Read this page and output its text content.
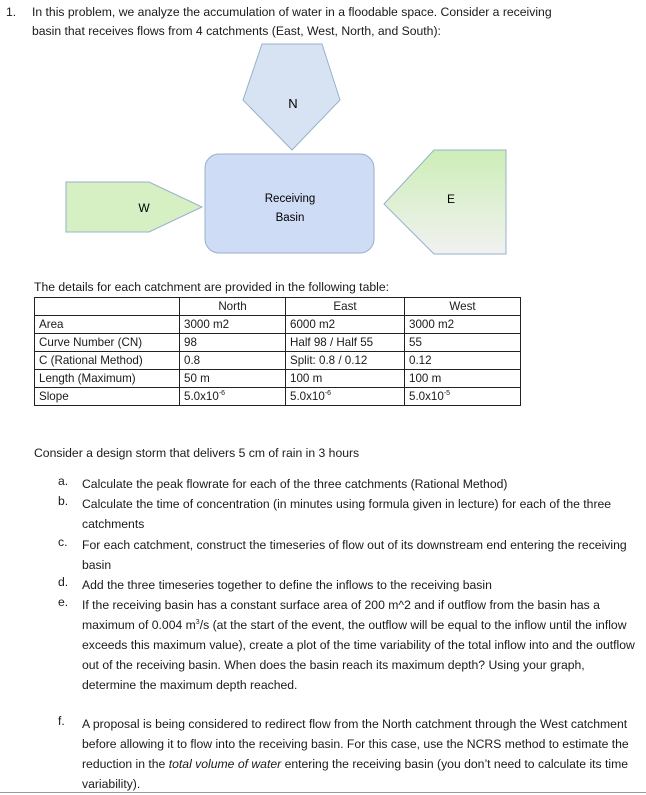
1. In this problem, we analyze the accumulation of water in a floodable space. Consider a receiving
basin that receives flows from 4 catchments (East, West, North, and South):
N
W
Receiving
Basin
E
The details for each catchment are provided in the following table:
	North	East	West
Area	3000 m2	6000 m2	3000 m2
Curve Number (CN)	98	Half 98 / Half 55	55
C (Rational Method)	0.8	Split: 0.8 / 0.12	0.12
Length (Maximum)	50 m	100 m	100 m
Slope	$5.0x10^{-6}$	$5.0x10^{-6}$	$5.0x10^{-5}$
Consider a design storm that delivers 5 cm of rain in 3 hours
a. Calculate the peak flowrate for each of the three catchments (Rational Method)
b. Calculate the time of concentration (in minutes using formula given in lecture) for each of the three catchments
c. For each catchment, construct the timeseries of flow out of its downstream end entering the receiving basin
d. Add the three timeseries together to define the inflows to the receiving basin
e. If the receiving basin has a constant surface area of 200 m^2 and if outflow from the basin has a maximum of 0.004 $m^3/s$ (at the start of the event, the outflow will be equal to the inflow until the inflow exceeds this maximum value), create a plot of the time variability of the total inflow into and the outflow out of the receiving basin. When does the basin reach its maximum depth? Using your graph, determine the maximum depth reached.
f. A proposal is being considered to redirect flow from the North catchment through the West catchment before allowing it to flow into the receiving basin. For this case, use the NCRS method to estimate the reduction in the total volume of water entering the receiving basin (you don’t need to calculate its time variability).
